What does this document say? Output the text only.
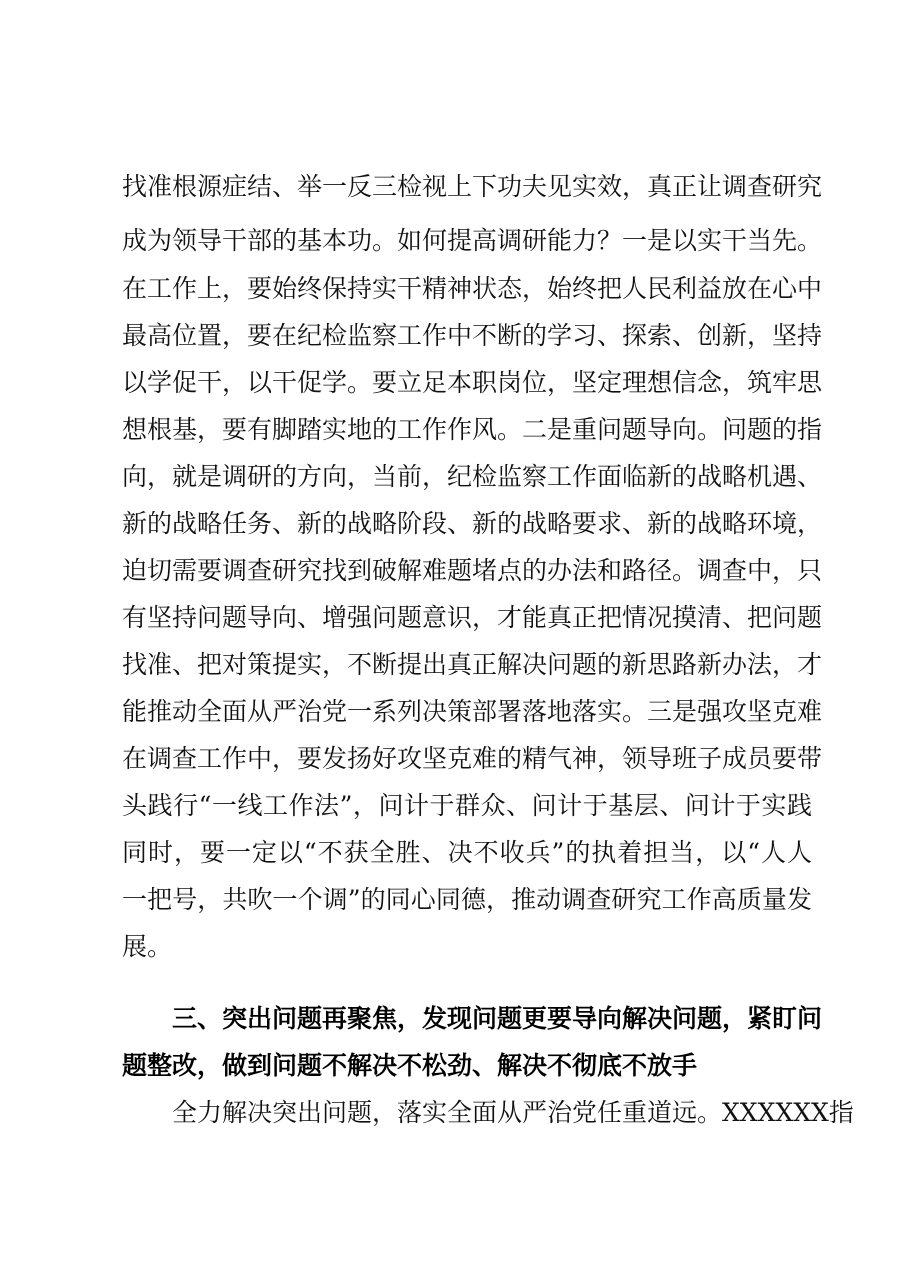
找准根源症结、举一反三检视上下功夫见实效，真正让调查研究
成为领导干部的基本功。如何提高调研能力？一是以实干当先。
在工作上，要始终保持实干精神状态，始终把人民利益放在心中
最高位置，要在纪检监察工作中不断的学习、探索、创新，坚持
以学促干，以干促学。要立足本职岗位，坚定理想信念，筑牢思
想根基，要有脚踏实地的工作作风。二是重问题导向。问题的指
向，就是调研的方向，当前，纪检监察工作面临新的战略机遇、
新的战略任务、新的战略阶段、新的战略要求、新的战略环境，
迫切需要调查研究找到破解难题堵点的办法和路径。调查中，只
有坚持问题导向、增强问题意识，才能真正把情况摸清、把问题
找准、把对策提实，不断提出真正解决问题的新思路新办法，才
能推动全面从严治党一系列决策部署落地落实。三是强攻坚克难
在调查工作中，要发扬好攻坚克难的精气神，领导班子成员要带
头践行“一线工作法”，问计于群众、问计于基层、问计于实践
同时，要一定以“不获全胜、决不收兵”的执着担当，以“人人
一把号，共吹一个调”的同心同德，推动调查研究工作高质量发
展。
三、突出问题再聚焦，发现问题更要导向解决问题，紧盯问
题整改，做到问题不解决不松劲、解决不彻底不放手
全力解决突出问题，落实全面从严治党任重道远。XXXXXX指
